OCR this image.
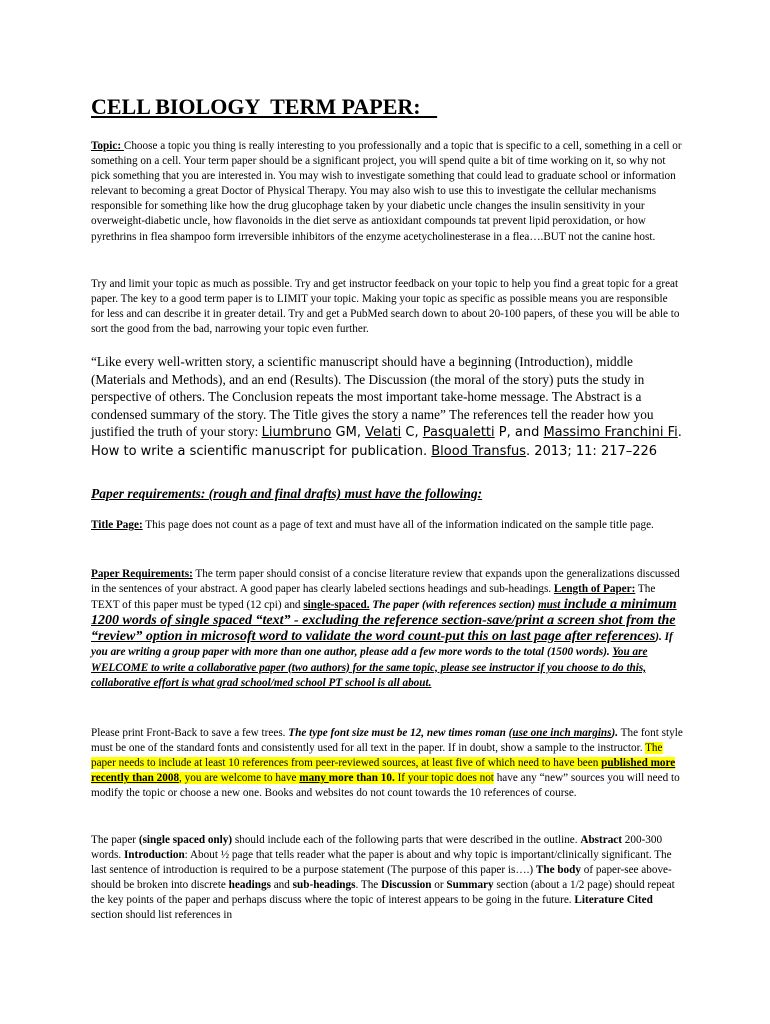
CELL BIOLOGY  TERM PAPER:
Topic: Choose a topic you thing is really interesting to you professionally and a topic that is specific to a cell, something in a cell or something on a cell. Your term paper should be a significant project, you will spend quite a bit of time working on it, so why not pick something that you are interested in. You may wish to investigate something that could lead to graduate school or information relevant to becoming a great Doctor of Physical Therapy. You may also wish to use this to investigate the cellular mechanisms responsible for something like how the drug glucophage taken by your diabetic uncle changes the insulin sensitivity in your overweight-diabetic uncle, how flavonoids in the diet serve as antioxidant compounds tat prevent lipid peroxidation, or how pyrethrins in flea shampoo form irreversible inhibitors of the enzyme acetycholinesterase in a flea….BUT not the canine host.
Try and limit your topic as much as possible. Try and get instructor feedback on your topic to help you find a great topic for a great paper. The key to a good term paper is to LIMIT your topic. Making your topic as specific as possible means you are responsible for less and can describe it in greater detail. Try and get a PubMed search down to about 20-100 papers, of these you will be able to sort the good from the bad, narrowing your topic even further.
“Like every well-written story, a scientific manuscript should have a beginning (Introduction), middle (Materials and Methods), and an end (Results). The Discussion (the moral of the story) puts the study in perspective of others. The Conclusion repeats the most important take-home message. The Abstract is a condensed summary of the story. The Title gives the story a name” The references tell the reader how you justified the truth of your story: Liumbruno GM, Velati C, Pasqualetti P, and Massimo Franchini Fi. How to write a scientific manuscript for publication. Blood Transfus. 2013; 11: 217–226
Paper requirements: (rough and final drafts) must have the following:
Title Page: This page does not count as a page of text and must have all of the information indicated on the sample title page.
Paper Requirements: The term paper should consist of a concise literature review that expands upon the generalizations discussed in the sentences of your abstract. A good paper has clearly labeled sections headings and sub-headings. Length of Paper: The TEXT of this paper must be typed (12 cpi) and single-spaced. The paper (with references section) must include a minimum 1200 words of single spaced “text” - excluding the reference section-save/print a screen shot from the “review” option in microsoft word to validate the word count-put this on last page after references). If you are writing a group paper with more than one author, please add a few more words to the total (1500 words). You are WELCOME to write a collaborative paper (two authors) for the same topic, please see instructor if you choose to do this, collaborative effort is what grad school/med school PT school is all about.
Please print Front-Back to save a few trees. The type font size must be 12, new times roman (use one inch margins). The font style must be one of the standard fonts and consistently used for all text in the paper. If in doubt, show a sample to the instructor. The paper needs to include at least 10 references from peer-reviewed sources, at least five of which need to have been published more recently than 2008, you are welcome to have many more than 10. If your topic does not have any “new” sources you will need to modify the topic or choose a new one. Books and websites do not count towards the 10 references of course.
The paper (single spaced only) should include each of the following parts that were described in the outline. Abstract 200-300 words. Introduction: About ½ page that tells reader what the paper is about and why topic is important/clinically significant. The last sentence of introduction is required to be a purpose statement (The purpose of this paper is….) The body of paper-see above- should be broken into discrete headings and sub-headings. The Discussion or Summary section (about a 1/2 page) should repeat the key points of the paper and perhaps discuss where the topic of interest appears to be going in the future. Literature Cited section should list references in
